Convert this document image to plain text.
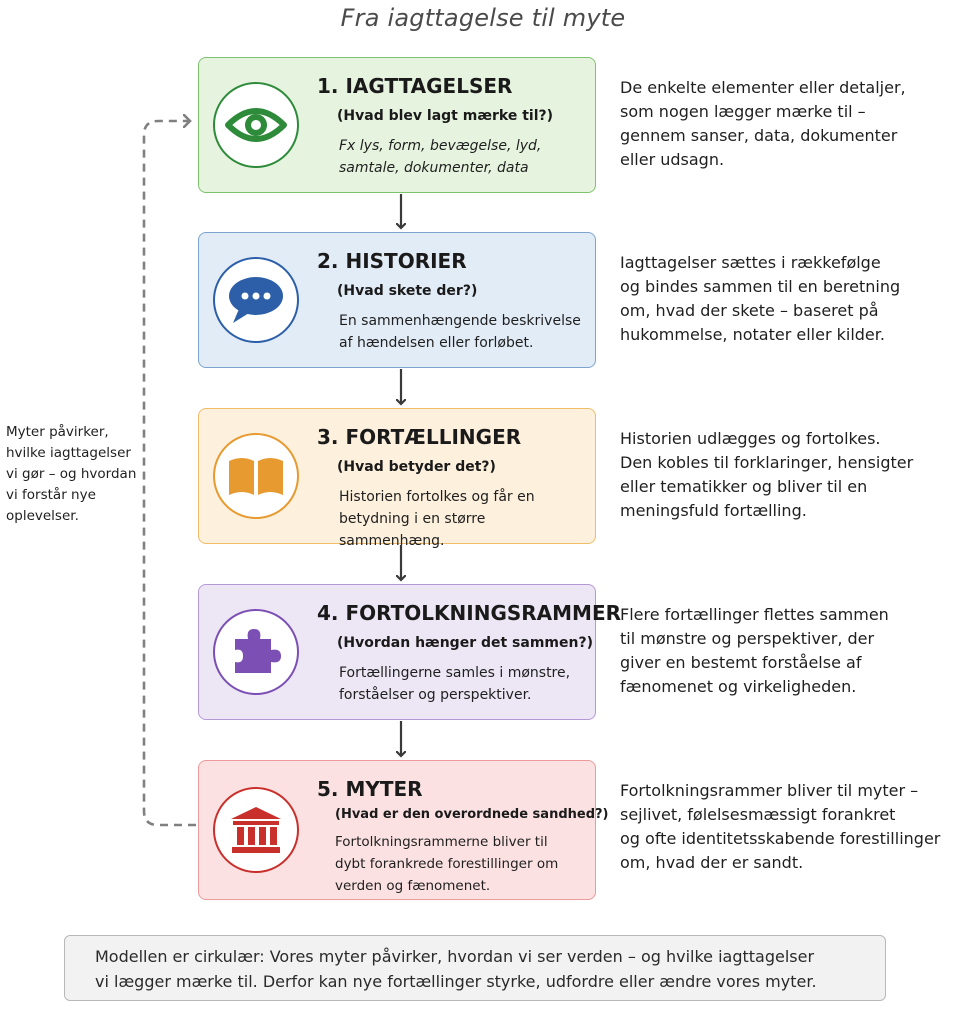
Fra iagttagelse til myte
1. IAGTTAGELSER
(Hvad blev lagt mærke til?)
Fx lys, form, bevægelse, lyd,
samtale, dokumenter, data
2. HISTORIER
(Hvad skete der?)
En sammenhængende beskrivelse
af hændelsen eller forløbet.
3. FORTÆLLINGER
(Hvad betyder det?)
Historien fortolkes og får en
betydning i en større sammenhæng.
4. FORTOLKNINGSRAMMER
(Hvordan hænger det sammen?)
Fortællingerne samles i mønstre,
forståelser og perspektiver.
5. MYTER
(Hvad er den overordnede sandhed?)
Fortolkningsrammerne bliver til
dybt forankrede forestillinger om
verden og fænomenet.
De enkelte elementer eller detaljer,
som nogen lægger mærke til –
gennem sanser, data, dokumenter
eller udsagn.
Iagttagelser sættes i rækkefølge
og bindes sammen til en beretning
om, hvad der skete – baseret på
hukommelse, notater eller kilder.
Historien udlægges og fortolkes.
Den kobles til forklaringer, hensigter
eller tematikker og bliver til en
meningsfuld fortælling.
Flere fortællinger flettes sammen
til mønstre og perspektiver, der
giver en bestemt forståelse af
fænomenet og virkeligheden.
Fortolkningsrammer bliver til myter –
sejlivet, følelsesmæssigt forankret
og ofte identitetsskabende forestillinger
om, hvad der er sandt.
Myter påvirker,
hvilke iagttagelser
vi gør – og hvordan
vi forstår nye
oplevelser.
Modellen er cirkulær: Vores myter påvirker, hvordan vi ser verden – og hvilke iagttagelser
vi lægger mærke til. Derfor kan nye fortællinger styrke, udfordre eller ændre vores myter.
